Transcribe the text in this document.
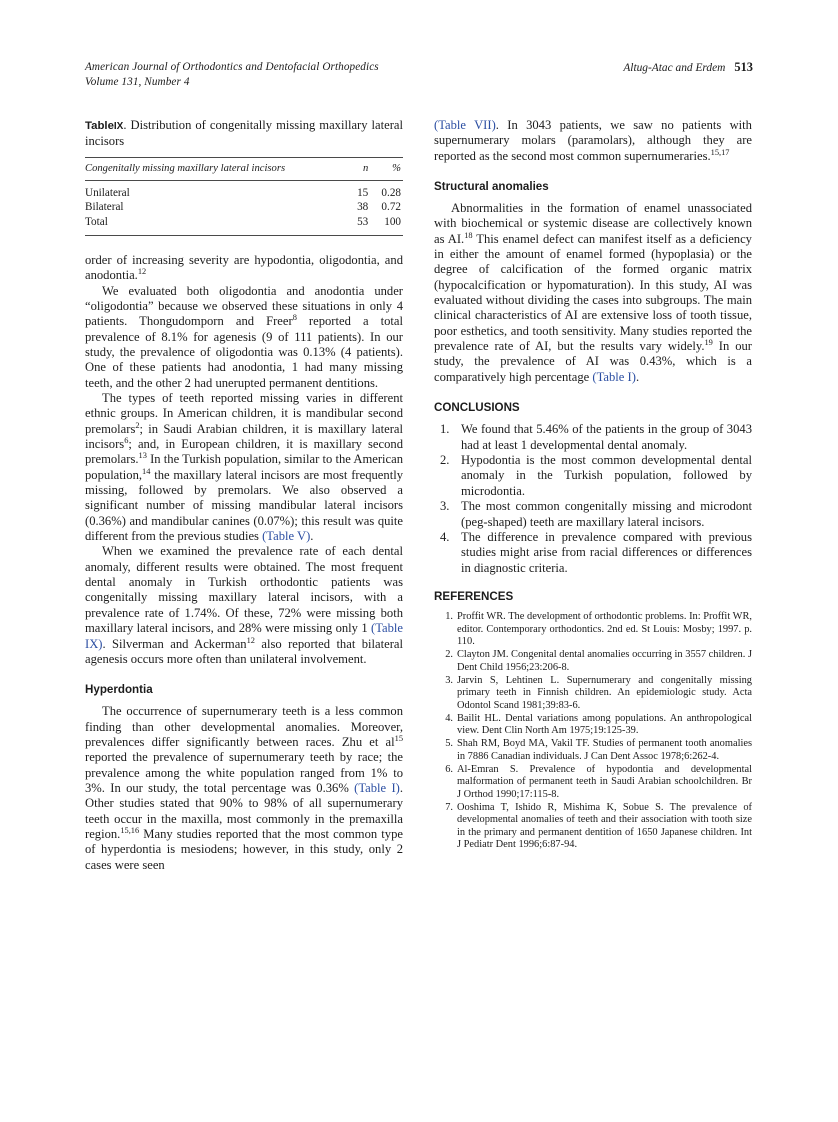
American Journal of Orthodontics and Dentofacial Orthopedics
Volume 131, Number 4
Altug-Atac and Erdem 513
TableIX. Distribution of congenitally missing maxillary lateral incisors
Congenitally missing maxillary lateral incisors	n	%
Unilateral	15	0.28
Bilateral	38	0.72
Total	53	100

order of increasing severity are hypodontia, oligodontia, and anodontia.$^{12}$

We evaluated both oligodontia and anodontia under “oligodontia” because we observed these situations in only 4 patients. Thongudomporn and Freer$^8$ reported a total prevalence of 8.1% for agenesis (9 of 111 patients). In our study, the prevalence of oligodontia was 0.13% (4 patients). One of these patients had anodontia, 1 had many missing teeth, and the other 2 had unerupted permanent dentitions.

The types of teeth reported missing varies in different ethnic groups. In American children, it is mandibular second premolars$^2$; in Saudi Arabian children, it is maxillary lateral incisors$^6$; and, in European children, it is maxillary second premolars.$^{13}$ In the Turkish population, similar to the American population,$^{14}$ the maxillary lateral incisors are most frequently missing, followed by premolars. We also observed a significant number of missing mandibular lateral incisors (0.36%) and mandibular canines (0.07%); this result was quite different from the previous studies (Table V).

When we examined the prevalence rate of each dental anomaly, different results were obtained. The most frequent dental anomaly in Turkish orthodontic patients was congenitally missing maxillary lateral incisors, with a prevalence rate of 1.74%. Of these, 72% were missing both maxillary lateral incisors, and 28% were missing only 1 (Table IX). Silverman and Ackerman$^{12}$ also reported that bilateral agenesis occurs more often than unilateral involvement.

Hyperdontia

The occurrence of supernumerary teeth is a less common finding than other developmental anomalies. Moreover, prevalences differ significantly between races. Zhu et $al^{15}$ reported the prevalence of supernumerary teeth by race; the prevalence among the white population ranged from 1% to 3%. In our study, the total percentage was 0.36% (Table I). Other studies stated that 90% to 98% of all supernumerary teeth occur in the maxilla, most commonly in the premaxilla region.$^{15,16}$ Many studies reported that the most common type of hyperdontia is mesiodens; however, in this study, only 2 cases were seen

(Table VII). In 3043 patients, we saw no patients with supernumerary molars (paramolars), although they are reported as the second most common supernumeraries.$^{15,17}$

Structural anomalies

Abnormalities in the formation of enamel unassociated with biochemical or systemic disease are collectively known as AI.$^{18}$ This enamel defect can manifest itself as a deficiency in either the amount of enamel formed (hypoplasia) or the degree of calcification of the formed organic matrix (hypocalcification or hypomaturation). In this study, AI was evaluated without dividing the cases into subgroups. The main clinical characteristics of AI are extensive loss of tooth tissue, poor esthetics, and tooth sensitivity. Many studies reported the prevalence rate of AI, but the results vary widely.$^{19}$ In our study, the prevalence of AI was 0.43%, which is a comparatively high percentage (Table I).

CONCLUSIONS
1. We found that 5.46% of the patients in the group of 3043 had at least 1 developmental dental anomaly.
2. Hypodontia is the most common developmental dental anomaly in the Turkish population, followed by microdontia.
3. The most common congenitally missing and microdont (peg-shaped) teeth are maxillary lateral incisors.
4. The difference in prevalence compared with previous studies might arise from racial differences or differences in diagnostic criteria.
REFERENCES
1. Proffit WR. The development of orthodontic problems. In: Proffit WR, editor. Contemporary orthodontics. 2nd ed. St Louis: Mosby; 1997. p. 110.
2. Clayton JM. Congenital dental anomalies occurring in 3557 children. J Dent Child 1956;23:206-8.
3. Jarvin S, Lehtinen L. Supernumerary and congenitally missing primary teeth in Finnish children. An epidemiologic study. Acta Odontol Scand 1981;39:83-6.
4. Bailit HL. Dental variations among populations. An anthropological view. Dent Clin North Am 1975;19:125-39.
5. Shah RM, Boyd MA, Vakil TF. Studies of permanent tooth anomalies in 7886 Canadian individuals. J Can Dent Assoc 1978;6:262-4.
6. Al-Emran S. Prevalence of hypodontia and developmental malformation of permanent teeth in Saudi Arabian schoolchildren. Br J Orthod 1990;17:115-8.
7. Ooshima T, Ishido R, Mishima K, Sobue S. The prevalence of developmental anomalies of teeth and their association with tooth size in the primary and permanent dentition of 1650 Japanese children. Int J Pediatr Dent 1996;6:87-94.
